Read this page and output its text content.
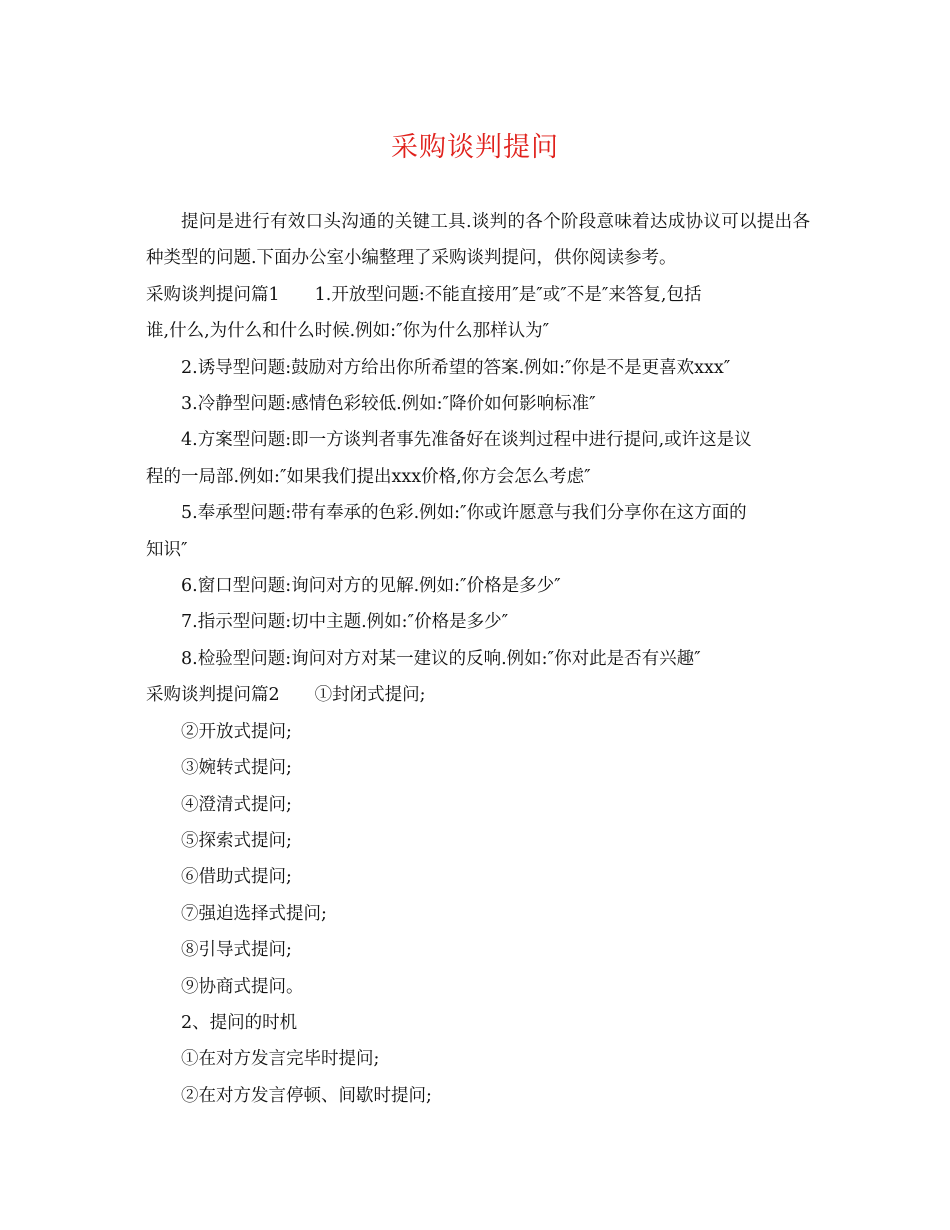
采购谈判提问

提问是进行有效口头沟通的关键工具.谈判的各个阶段意味着达成协议可以提出各种类型的问题.下面办公室小编整理了采购谈判提问，供你阅读参考。

采购谈判提问篇1 1.开放型问题:不能直接用″是″或″不是″来答复,包括

谁,什么,为什么和什么时候.例如:″你为什么那样认为″

2.诱导型问题:鼓励对方给出你所希望的答案.例如:″你是不是更喜欢xxx″

3.冷静型问题:感情色彩较低.例如:″降价如何影响标准″

4.方案型问题:即一方谈判者事先准备好在谈判过程中进行提问,或许这是议

程的一局部.例如:″如果我们提出xxx价格,你方会怎么考虑″

5.奉承型问题:带有奉承的色彩.例如:″你或许愿意与我们分享你在这方面的

知识″

6.窗口型问题:询问对方的见解.例如:″价格是多少″

7.指示型问题:切中主题.例如:″价格是多少″

8.检验型问题:询问对方对某一建议的反响.例如:″你对此是否有兴趣″

采购谈判提问篇2 ①封闭式提问;

②开放式提问;

③婉转式提问;

④澄清式提问;

⑤探索式提问;

⑥借助式提问;

⑦强迫选择式提问;

⑧引导式提问;

⑨协商式提问。

2、提问的时机

①在对方发言完毕时提问;

②在对方发言停顿、间歇时提问;
